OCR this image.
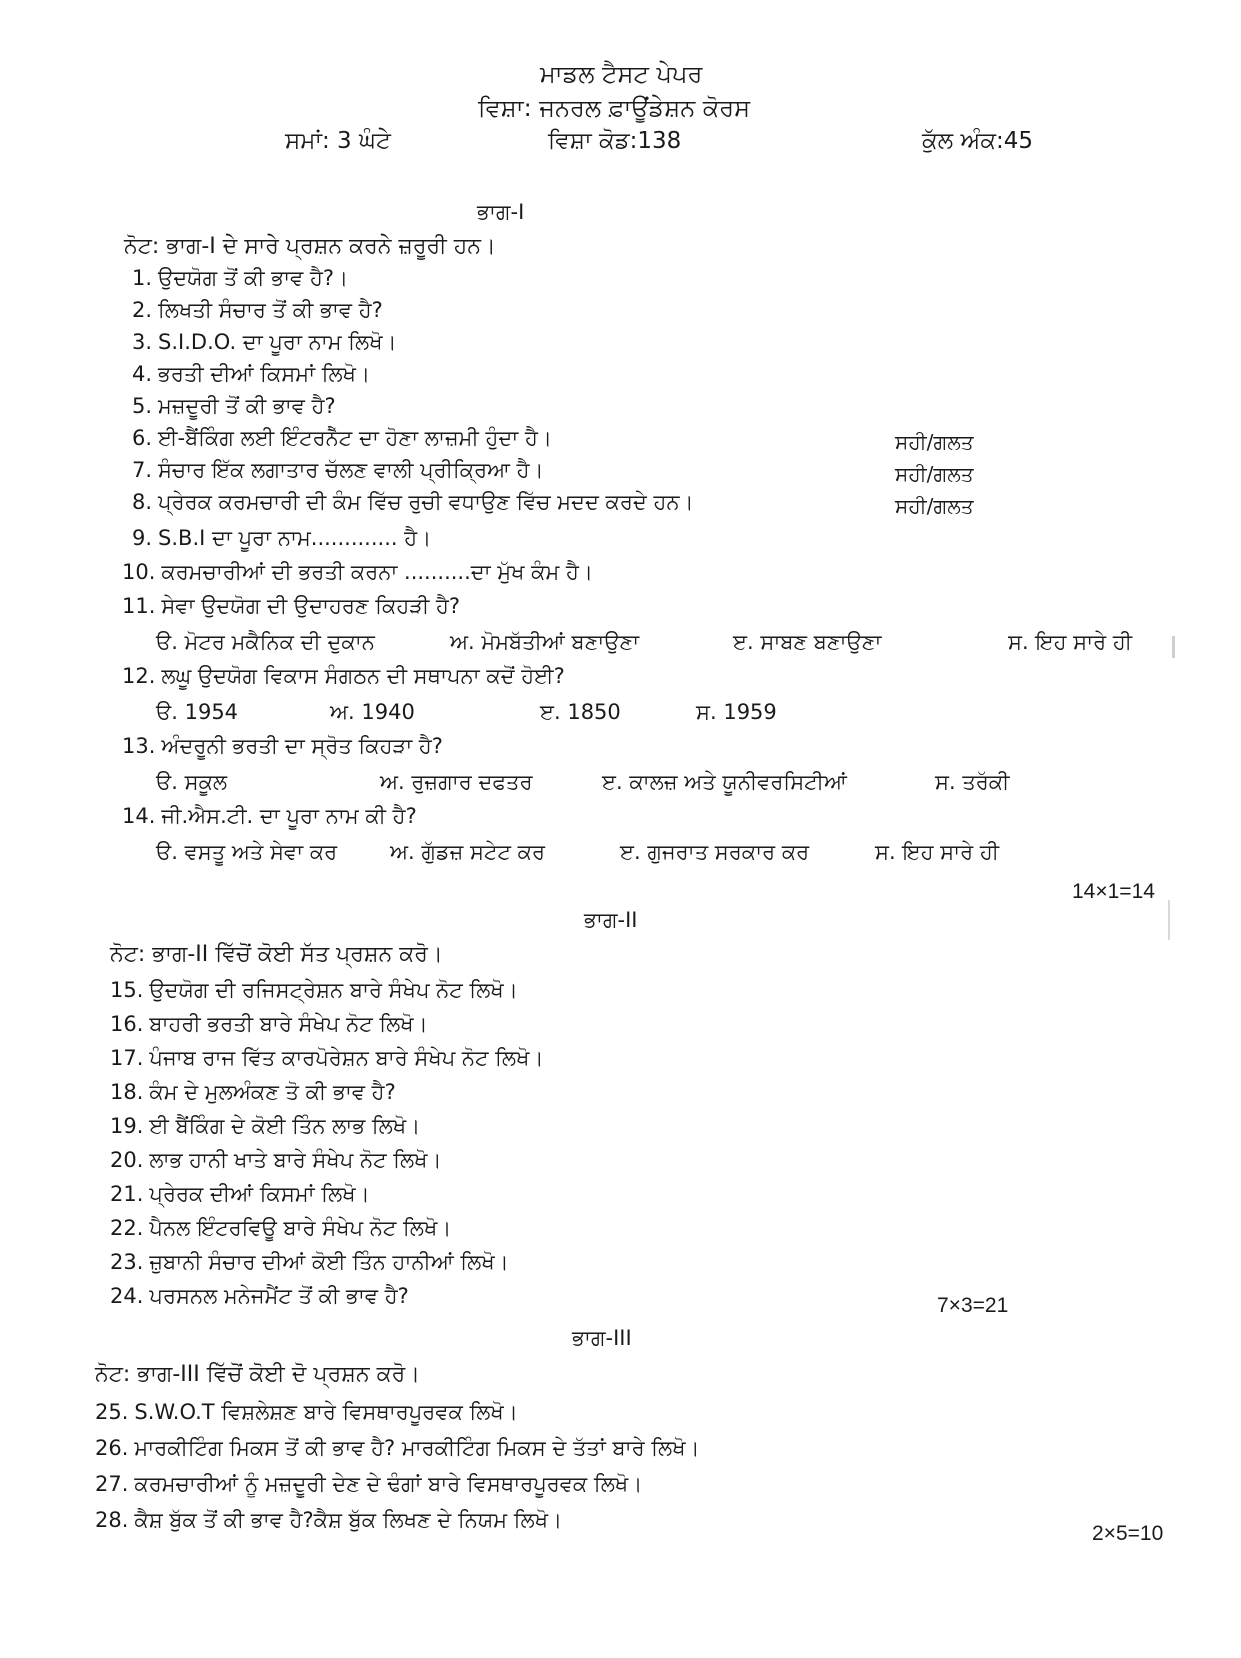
ਮਾਡਲ ਟੈਸਟ ਪੇਪਰ
ਵਿਸ਼ਾ: ਜਨਰਲ ਫ਼ਾਊਂਡੇਸ਼ਨ ਕੋਰਸ
ਸਮਾਂ: 3 ਘੰਟੇ	ਵਿਸ਼ਾ ਕੋਡ:138	ਕੁੱਲ ਅੰਕ:45
ਭਾਗ-I
ਨੋਟ: ਭਾਗ-I ਦੇ ਸਾਰੇ ਪ੍ਰਸ਼ਨ ਕਰਨੇ ਜ਼ਰੂਰੀ ਹਨ।
1. ਉਦਯੋਗ ਤੋਂ ਕੀ ਭਾਵ ਹੈ?।
2. ਲਿਖਤੀ ਸੰਚਾਰ ਤੋਂ ਕੀ ਭਾਵ ਹੈ?
3. S.I.D.O. ਦਾ ਪੂਰਾ ਨਾਮ ਲਿਖੋ।
4. ਭਰਤੀ ਦੀਆਂ ਕਿਸਮਾਂ ਲਿਖੋ।
5. ਮਜ਼ਦੂਰੀ ਤੋਂ ਕੀ ਭਾਵ ਹੈ?
6. ਈ-ਬੈਂਕਿੰਗ ਲਈ ਇੰਟਰਨੈੱਟ ਦਾ ਹੋਣਾ ਲਾਜ਼ਮੀ ਹੁੰਦਾ ਹੈ।	ਸਹੀ/ਗਲਤ
7. ਸੰਚਾਰ ਇੱਕ ਲਗਾਤਾਰ ਚੱਲਣ ਵਾਲੀ ਪ੍ਰੀਕ੍ਰਿਆ ਹੈ।	ਸਹੀ/ਗਲਤ
8. ਪ੍ਰੇਰਕ ਕਰਮਚਾਰੀ ਦੀ ਕੰਮ ਵਿੱਚ ਰੁਚੀ ਵਧਾਉਣ ਵਿੱਚ ਮਦਦ ਕਰਦੇ ਹਨ।	ਸਹੀ/ਗਲਤ
9. S.B.I ਦਾ ਪੂਰਾ ਨਾਮ............. ਹੈ।
10. ਕਰਮਚਾਰੀਆਂ ਦੀ ਭਰਤੀ ਕਰਨਾ ..........ਦਾ ਮੁੱਖ ਕੰਮ ਹੈ।
11. ਸੇਵਾ ਉਦਯੋਗ ਦੀ ਉਦਾਹਰਣ ਕਿਹੜੀ ਹੈ?
ੳ. ਮੋਟਰ ਮਕੈਨਿਕ ਦੀ ਦੁਕਾਨ	ਅ. ਮੋਮਬੱਤੀਆਂ ਬਣਾਉਣਾ	ੲ. ਸਾਬਣ ਬਣਾਉਣਾ	ਸ. ਇਹ ਸਾਰੇ ਹੀ
12. ਲਘੂ ਉਦਯੋਗ ਵਿਕਾਸ ਸੰਗਠਨ ਦੀ ਸਥਾਪਨਾ ਕਦੋਂ ਹੋਈ?
ੳ. 1954	ਅ. 1940	ੲ. 1850	ਸ. 1959
13. ਅੰਦਰੂਨੀ ਭਰਤੀ ਦਾ ਸ੍ਰੋਤ ਕਿਹੜਾ ਹੈ?
ੳ. ਸਕੂਲ	ਅ. ਰੁਜ਼ਗਾਰ ਦਫਤਰ	ੲ. ਕਾਲਜ਼ ਅਤੇ ਯੂਨੀਵਰਸਿਟੀਆਂ	ਸ. ਤਰੱਕੀ
14. ਜੀ.ਐਸ.ਟੀ. ਦਾ ਪੂਰਾ ਨਾਮ ਕੀ ਹੈ?
ੳ. ਵਸਤੂ ਅਤੇ ਸੇਵਾ ਕਰ	ਅ. ਗੁੱਡਜ਼ ਸਟੇਟ ਕਰ	ੲ. ਗੁਜਰਾਤ ਸਰਕਾਰ ਕਰ	ਸ. ਇਹ ਸਾਰੇ ਹੀ
14×1=14
ਭਾਗ-II
ਨੋਟ: ਭਾਗ-II ਵਿੱਚੋਂ ਕੋਈ ਸੱਤ ਪ੍ਰਸ਼ਨ ਕਰੋ।
15. ਉਦਯੋਗ ਦੀ ਰਜਿਸਟ੍ਰੇਸ਼ਨ ਬਾਰੇ ਸੰਖੇਪ ਨੋਟ ਲਿਖੋ।
16. ਬਾਹਰੀ ਭਰਤੀ ਬਾਰੇ ਸੰਖੇਪ ਨੋਟ ਲਿਖੋ।
17. ਪੰਜਾਬ ਰਾਜ ਵਿੱਤ ਕਾਰਪੋਰੇਸ਼ਨ ਬਾਰੇ ਸੰਖੇਪ ਨੋਟ ਲਿਖੋ।
18. ਕੰਮ ਦੇ ਮੁਲਅੰਕਣ ਤੋ ਕੀ ਭਾਵ ਹੈ?
19. ਈ ਬੈਂਕਿੰਗ ਦੇ ਕੋਈ ਤਿੰਨ ਲਾਭ ਲਿਖੋ।
20. ਲਾਭ ਹਾਨੀ ਖਾਤੇ ਬਾਰੇ ਸੰਖੇਪ ਨੋਟ ਲਿਖੋ।
21. ਪ੍ਰੇਰਕ ਦੀਆਂ ਕਿਸਮਾਂ ਲਿਖੋ।
22. ਪੈਨਲ ਇੰਟਰਵਿਊ ਬਾਰੇ ਸੰਖੇਪ ਨੋਟ ਲਿਖੋ।
23. ਜ਼ੁਬਾਨੀ ਸੰਚਾਰ ਦੀਆਂ ਕੋਈ ਤਿੰਨ ਹਾਨੀਆਂ ਲਿਖੋ।
24. ਪਰਸਨਲ ਮਨੇਜਮੈਂਟ ਤੋਂ ਕੀ ਭਾਵ ਹੈ?	7×3=21
ਭਾਗ-III
ਨੋਟ: ਭਾਗ-III ਵਿੱਚੋਂ ਕੋਈ ਦੋ ਪ੍ਰਸ਼ਨ ਕਰੋ।
25. S.W.O.T ਵਿਸ਼ਲੇਸ਼ਣ ਬਾਰੇ ਵਿਸਥਾਰਪੂਰਵਕ ਲਿਖੋ।
26. ਮਾਰਕੀਟਿੰਗ ਮਿਕਸ ਤੋਂ ਕੀ ਭਾਵ ਹੈ? ਮਾਰਕੀਟਿੰਗ ਮਿਕਸ ਦੇ ਤੱਤਾਂ ਬਾਰੇ ਲਿਖੋ।
27. ਕਰਮਚਾਰੀਆਂ ਨੂੰ ਮਜ਼ਦੂਰੀ ਦੇਣ ਦੇ ਢੰਗਾਂ ਬਾਰੇ ਵਿਸਥਾਰਪੂਰਵਕ ਲਿਖੋ।
28. ਕੈਸ਼ ਬੁੱਕ ਤੋਂ ਕੀ ਭਾਵ ਹੈ?ਕੈਸ਼ ਬੁੱਕ ਲਿਖਣ ਦੇ ਨਿਯਮ ਲਿਖੋ।
2×5=10
